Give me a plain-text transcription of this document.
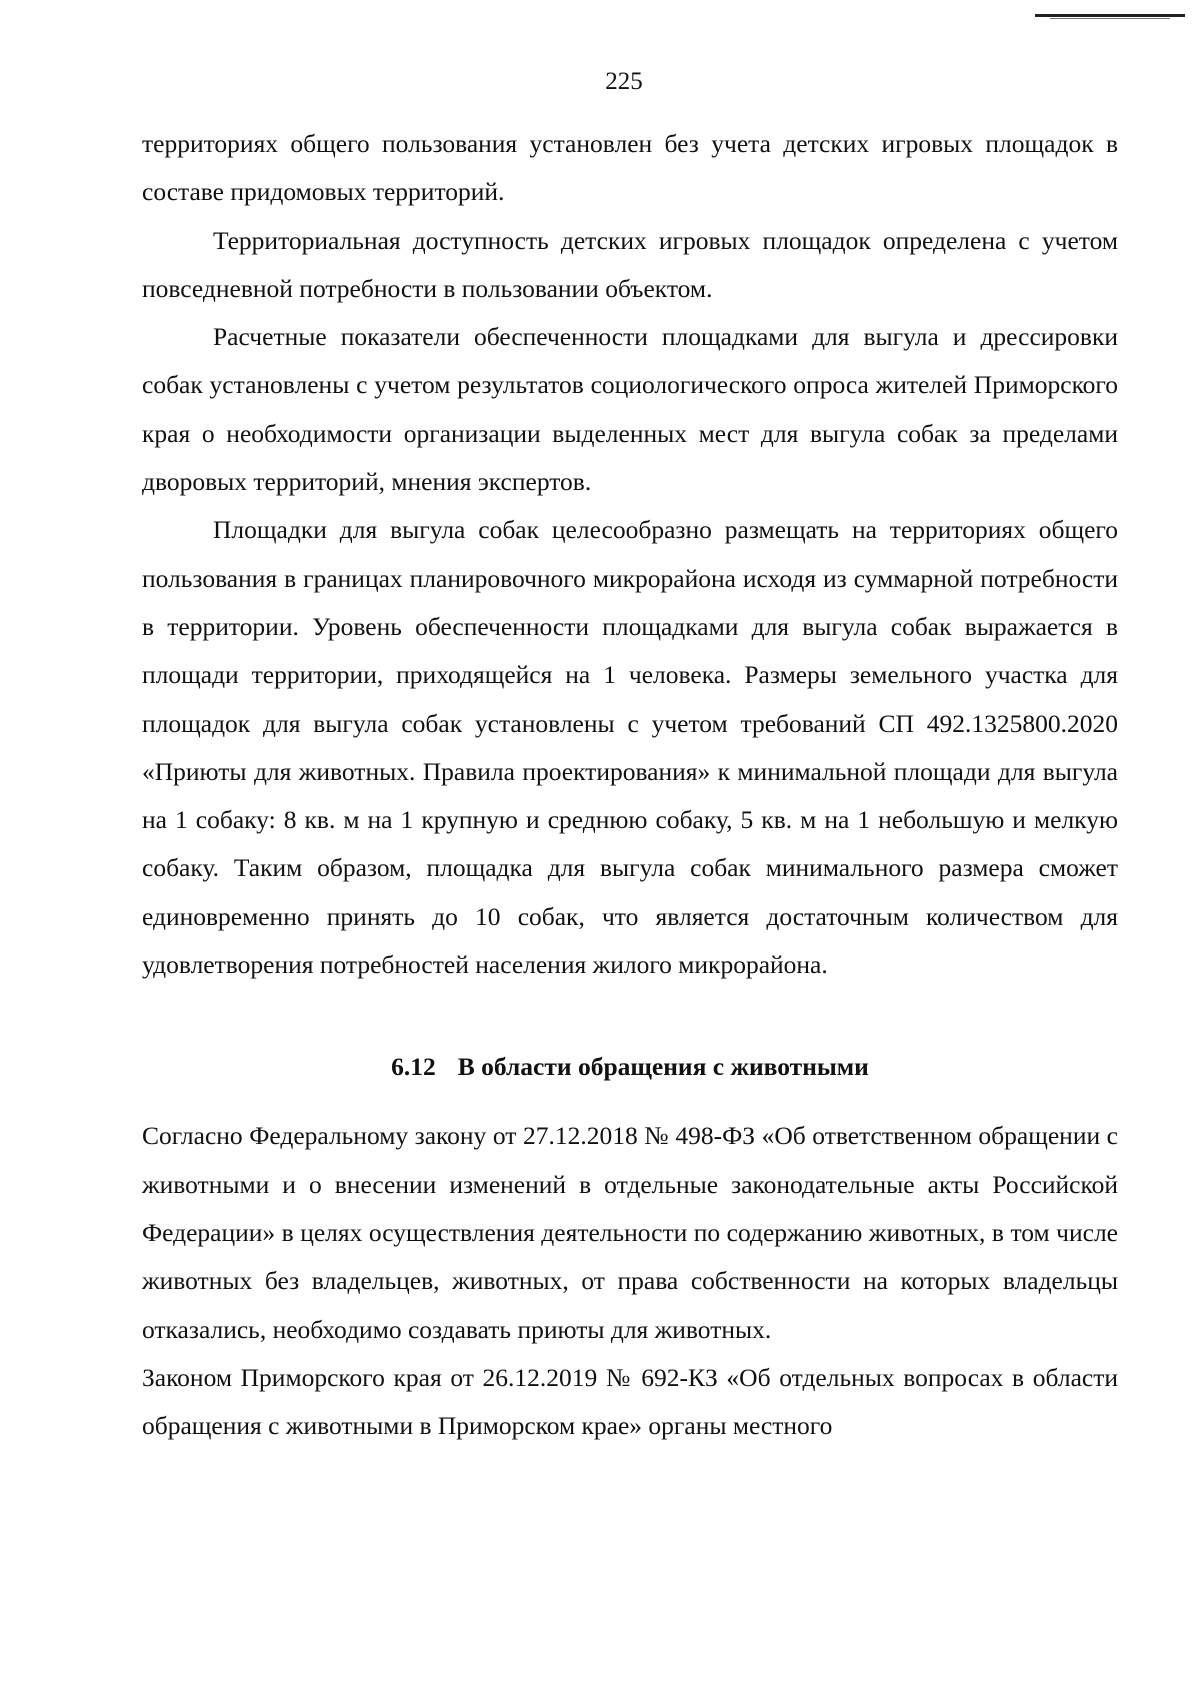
225

территориях общего пользования установлен без учета детских игровых площадок в составе придомовых территорий.

Территориальная доступность детских игровых площадок определена с учетом повседневной потребности в пользовании объектом.

Расчетные показатели обеспеченности площадками для выгула и дрессировки собак установлены с учетом результатов социологического опроса жителей Приморского края о необходимости организации выделенных мест для выгула собак за пределами дворовых территорий, мнения экспертов.

Площадки для выгула собак целесообразно размещать на территориях общего пользования в границах планировочного микрорайона исходя из суммарной потребности в территории. Уровень обеспеченности площадками для выгула собак выражается в площади территории, приходящейся на 1 человека. Размеры земельного участка для площадок для выгула собак установлены с учетом требований СП 492.1325800.2020 «Приюты для животных. Правила проектирования» к минимальной площади для выгула на 1 собаку: 8 кв. м на 1 крупную и среднюю собаку, 5 кв. м на 1 небольшую и мелкую собаку. Таким образом, площадка для выгула собак минимального размера сможет единовременно принять до 10 собак, что является достаточным количеством для удовлетворения потребностей населения жилого микрорайона.

6.12 В области обращения с животными

Согласно Федеральному закону от 27.12.2018 № 498-ФЗ «Об ответственном обращении с животными и о внесении изменений в отдельные законодательные акты Российской Федерации» в целях осуществления деятельности по содержанию животных, в том числе животных без владельцев, животных, от права собственности на которых владельцы отказались, необходимо создавать приюты для животных.

Законом Приморского края от 26.12.2019 № 692-КЗ «Об отдельных вопросах в области обращения с животными в Приморском крае» органы местного
